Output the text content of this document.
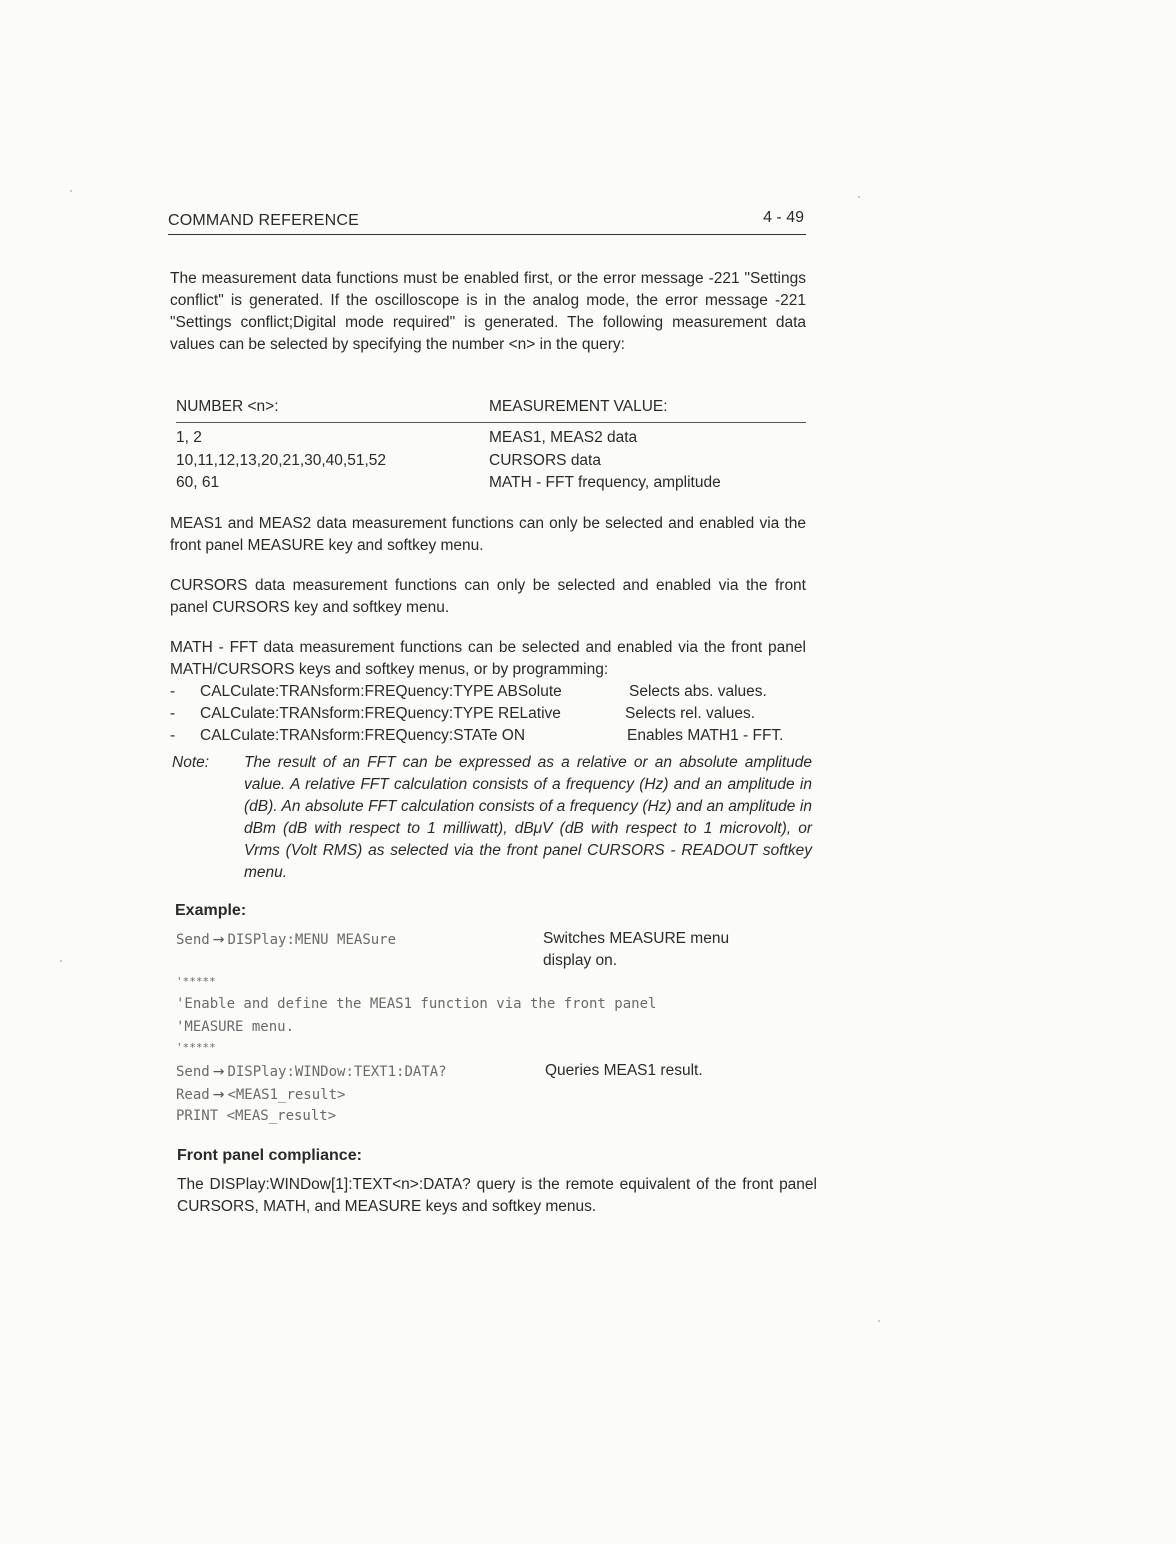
COMMAND REFERENCE	4 - 49

The measurement data functions must be enabled first, or the error message -221 "Settings conflict" is generated. If the oscilloscope is in the analog mode, the error message -221 "Settings conflict;Digital mode required" is generated. The following measurement data values can be selected by specifying the number <n> in the query:

NUMBER <n>:	MEASUREMENT VALUE:
1, 2	MEAS1, MEAS2 data
10,11,12,13,20,21,30,40,51,52	CURSORS data
60, 61	MATH - FFT frequency, amplitude

MEAS1 and MEAS2 data measurement functions can only be selected and enabled via the front panel MEASURE key and softkey menu.

CURSORS data measurement functions can only be selected and enabled via the front panel CURSORS key and softkey menu.

MATH - FFT data measurement functions can be selected and enabled via the front panel MATH/CURSORS keys and softkey menus, or by programming:

- CALCulate:TRANsform:FREQuency:TYPE ABSolute	Selects abs. values.
- CALCulate:TRANsform:FREQuency:TYPE RELative	Selects rel. values.
- CALCulate:TRANsform:FREQuency:STATe ON	Enables MATH1 - FFT.
Note: The result of an FFT can be expressed as a relative or an absolute amplitude value. A relative FFT calculation consists of a frequency (Hz) and an amplitude in (dB). An absolute FFT calculation consists of a frequency (Hz) and an amplitude in dBm (dB with respect to 1 milliwatt), dBμV (dB with respect to 1 microvolt), or Vrms (Volt RMS) as selected via the front panel CURSORS - READOUT softkey menu.

Example:
Send → DISPlay:MENU MEASure	Switches MEASURE menu
display on.
'*****
'Enable and define the MEAS1 function via the front panel
'MEASURE menu.
'*****
Send → DISPlay:WINDow:TEXT1:DATA?	Queries MEAS1 result.
Read → <MEAS1_result>
PRINT <MEAS_result>
Front panel compliance:

The DISPlay:WINDow[1]:TEXT<n>:DATA? query is the remote equivalent of the front panel CURSORS, MATH, and MEASURE keys and softkey menus.
